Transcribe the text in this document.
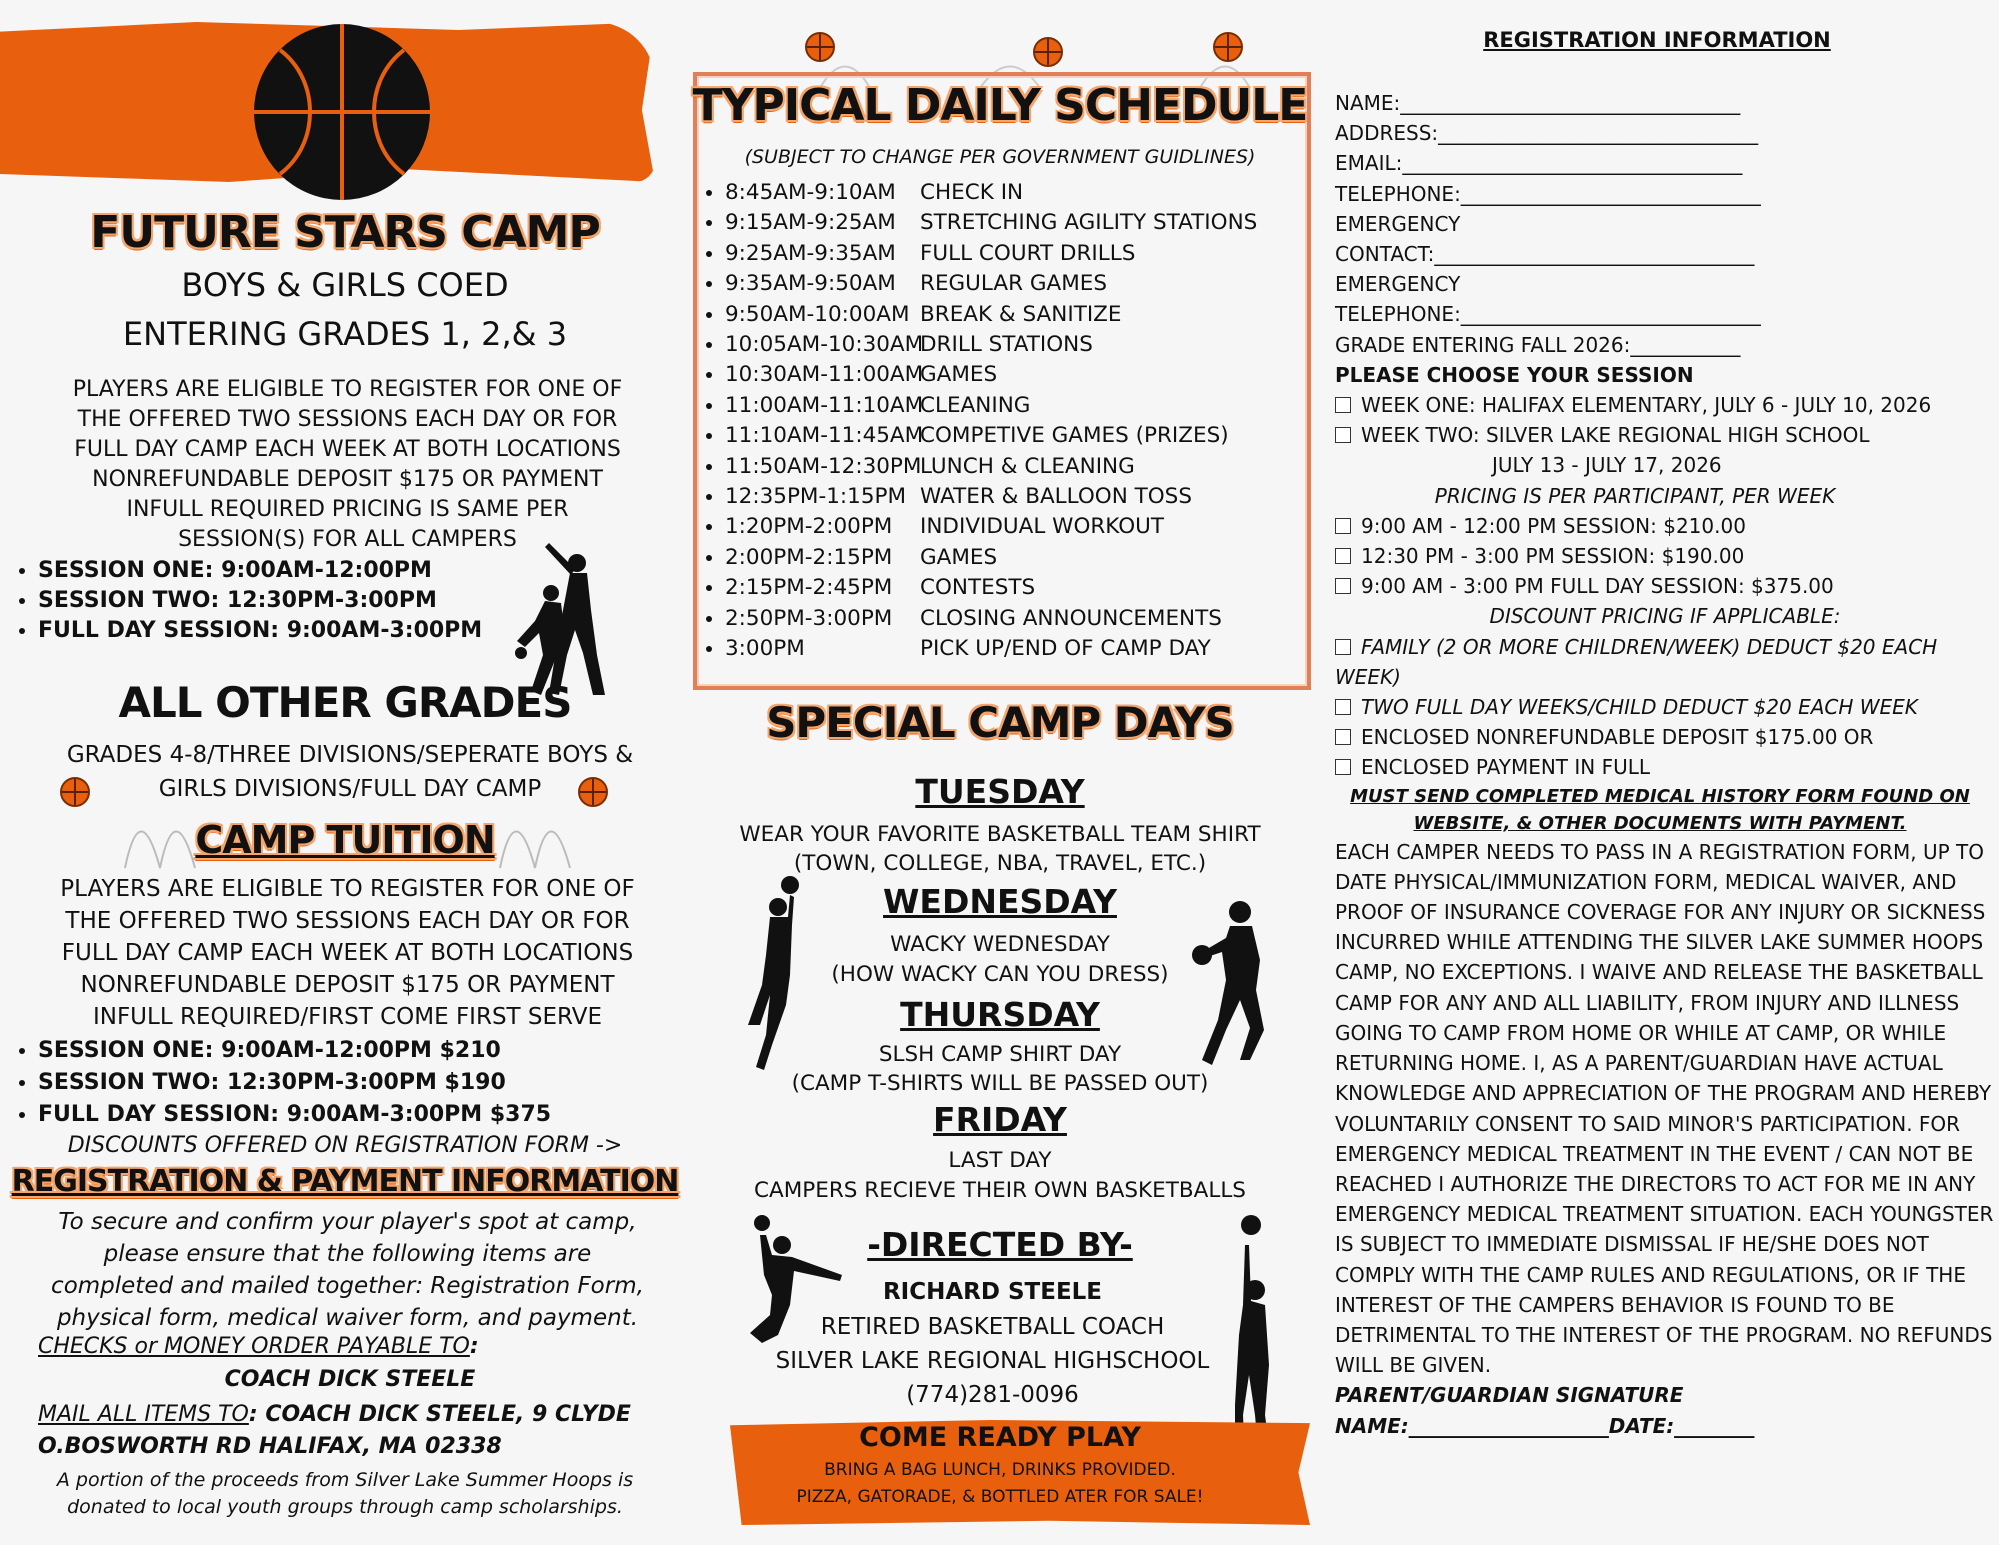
FUTURE STARS CAMP
BOYS & GIRLS COED
ENTERING GRADES 1, 2,& 3
PLAYERS ARE ELIGIBLE TO REGISTER FOR ONE OF THE OFFERED TWO SESSIONS EACH DAY OR FOR FULL DAY CAMP EACH WEEK AT BOTH LOCATIONS NONREFUNDABLE DEPOSIT $175 OR PAYMENT INFULL REQUIRED PRICING IS SAME PER SESSION(S) FOR ALL CAMPERS
• SESSION ONE: 9:00AM-12:00PM
• SESSION TWO: 12:30PM-3:00PM
• FULL DAY SESSION: 9:00AM-3:00PM
ALL OTHER GRADES
GRADES 4-8/THREE DIVISIONS/SEPERATE BOYS & GIRLS DIVISIONS/FULL DAY CAMP
CAMP TUITION
PLAYERS ARE ELIGIBLE TO REGISTER FOR ONE OF THE OFFERED TWO SESSIONS EACH DAY OR FOR FULL DAY CAMP EACH WEEK AT BOTH LOCATIONS NONREFUNDABLE DEPOSIT $175 OR PAYMENT INFULL REQUIRED/FIRST COME FIRST SERVE
• SESSION ONE: 9:00AM-12:00PM $210
• SESSION TWO: 12:30PM-3:00PM $190
• FULL DAY SESSION: 9:00AM-3:00PM $375
DISCOUNTS OFFERED ON REGISTRATION FORM ->
REGISTRATION & PAYMENT INFORMATION
To secure and confirm your player's spot at camp, please ensure that the following items are completed and mailed together: Registration Form, physical form, medical waiver form, and payment.
CHECKS or MONEY ORDER PAYABLE TO:
COACH DICK STEELE
MAIL ALL ITEMS TO: COACH DICK STEELE, 9 CLYDE O.BOSWORTH RD HALIFAX, MA 02338
A portion of the proceeds from Silver Lake Summer Hoops is donated to local youth groups through camp scholarships.
TYPICAL DAILY SCHEDULE
(SUBJECT TO CHANGE PER GOVERNMENT GUIDLINES)
• 8:45AM-9:10AM CHECK IN
• 9:15AM-9:25AM STRETCHING AGILITY STATIONS
• 9:25AM-9:35AM FULL COURT DRILLS
• 9:35AM-9:50AM REGULAR GAMES
• 9:50AM-10:00AM BREAK & SANITIZE
• 10:05AM-10:30AMDRILL STATIONS
• 10:30AM-11:00AMGAMES
• 11:00AM-11:10AMCLEANING
• 11:10AM-11:45AMCOMPETIVE GAMES (PRIZES)
• 11:50AM-12:30PMLUNCH & CLEANING
• 12:35PM-1:15PM WATER & BALLOON TOSS
• 1:20PM-2:00PM INDIVIDUAL WORKOUT
• 2:00PM-2:15PM GAMES
• 2:15PM-2:45PM CONTESTS
• 2:50PM-3:00PM CLOSING ANNOUNCEMENTS
• 3:00PM	PICK UP/END OF CAMP DAY
SPECIAL CAMP DAYS
TUESDAY
WEAR YOUR FAVORITE BASKETBALL TEAM SHIRT
(TOWN, COLLEGE, NBA, TRAVEL, ETC.)
WEDNESDAY
WACKY WEDNESDAY
(HOW WACKY CAN YOU DRESS)
THURSDAY
SLSH CAMP SHIRT DAY
(CAMP T-SHIRTS WILL BE PASSED OUT)
FRIDAY
LAST DAY
CAMPERS RECIEVE THEIR OWN BASKETBALLS
-DIRECTED BY-
RICHARD STEELE
RETIRED BASKETBALL COACH
SILVER LAKE REGIONAL HIGHSCHOOL
(774)281-0096
COME READY PLAY
BRING A BAG LUNCH, DRINKS PROVIDED.
PIZZA, GATORADE, & BOTTLED ATER FOR SALE!
REGISTRATION INFORMATION
NAME:__________________________________
ADDRESS:________________________________
EMAIL:__________________________________
TELEPHONE:______________________________
EMERGENCY
CONTACT:________________________________
EMERGENCY
TELEPHONE:______________________________
GRADE ENTERING FALL 2026:___________
PLEASE CHOOSE YOUR SESSION
WEEK ONE: HALIFAX ELEMENTARY, JULY 6 - JULY 10, 2026
WEEK TWO: SILVER LAKE REGIONAL HIGH SCHOOL
JULY 13 - JULY 17, 2026
PRICING IS PER PARTICIPANT, PER WEEK
9:00 AM - 12:00 PM SESSION: $210.00
12:30 PM - 3:00 PM SESSION: $190.00
9:00 AM - 3:00 PM FULL DAY SESSION: $375.00
DISCOUNT PRICING IF APPLICABLE:
FAMILY (2 OR MORE CHILDREN/WEEK) DEDUCT $20 EACH WEEK)
TWO FULL DAY WEEKS/CHILD DEDUCT $20 EACH WEEK
ENCLOSED NONREFUNDABLE DEPOSIT $175.00 OR
ENCLOSED PAYMENT IN FULL
MUST SEND COMPLETED MEDICAL HISTORY FORM FOUND ON WEBSITE, & OTHER DOCUMENTS WITH PAYMENT.
EACH CAMPER NEEDS TO PASS IN A REGISTRATION FORM, UP TO DATE PHYSICAL/IMMUNIZATION FORM, MEDICAL WAIVER, AND PROOF OF INSURANCE COVERAGE FOR ANY INJURY OR SICKNESS INCURRED WHILE ATTENDING THE SILVER LAKE SUMMER HOOPS CAMP, NO EXCEPTIONS. I WAIVE AND RELEASE THE BASKETBALL CAMP FOR ANY AND ALL LIABILITY, FROM INJURY AND ILLNESS GOING TO CAMP FROM HOME OR WHILE AT CAMP, OR WHILE RETURNING HOME. I, AS A PARENT/GUARDIAN HAVE ACTUAL KNOWLEDGE AND APPRECIATION OF THE PROGRAM AND HEREBY VOLUNTARILY CONSENT TO SAID MINOR'S PARTICIPATION. FOR EMERGENCY MEDICAL TREATMENT IN THE EVENT / CAN NOT BE REACHED I AUTHORIZE THE DIRECTORS TO ACT FOR ME IN ANY EMERGENCY MEDICAL TREATMENT SITUATION. EACH YOUNGSTER IS SUBJECT TO IMMEDIATE DISMISSAL IF HE/SHE DOES NOT COMPLY WITH THE CAMP RULES AND REGULATIONS, OR IF THE INTEREST OF THE CAMPERS BEHAVIOR IS FOUND TO BE DETRIMENTAL TO THE INTEREST OF THE PROGRAM. NO REFUNDS WILL BE GIVEN.
PARENT/GUARDIAN SIGNATURE
NAME:____________________DATE:________
